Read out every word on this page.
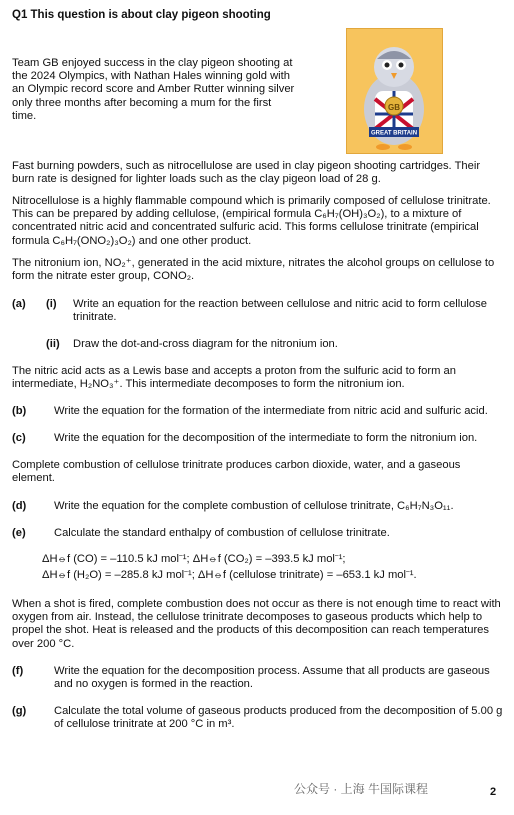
Q1 This question is about clay pigeon shooting
Team GB enjoyed success in the clay pigeon shooting at the 2024 Olympics, with Nathan Hales winning gold with an Olympic record score and Amber Rutter winning silver only three months after becoming a mum for the first time.
GB
GREAT BRITAIN
Fast burning powders, such as nitrocellulose are used in clay pigeon shooting cartridges. Their burn rate is designed for lighter loads such as the clay pigeon load of 28 g.
Nitrocellulose is a highly flammable compound which is primarily composed of cellulose trinitrate. This can be prepared by adding cellulose, (empirical formula C₆H₇(OH)₃O₂), to a mixture of concentrated nitric acid and concentrated sulfuric acid. This forms cellulose trinitrate (empirical formula C₆H₇(ONO₂)₃O₂) and one other product.
The nitronium ion, NO₂⁺, generated in the acid mixture, nitrates the alcohol groups on cellulose to form the nitrate ester group, CONO₂.
(a) (i) Write an equation for the reaction between cellulose and nitric acid to form cellulose trinitrate.
(ii) Draw the dot-and-cross diagram for the nitronium ion.
The nitric acid acts as a Lewis base and accepts a proton from the sulfuric acid to form an intermediate, H₂NO₃⁺. This intermediate decomposes to form the nitronium ion.
(b) Write the equation for the formation of the intermediate from nitric acid and sulfuric acid.
(c)	Write the equation for the decomposition of the intermediate to form the nitronium ion.
Complete combustion of cellulose trinitrate produces carbon dioxide, water, and a gaseous element.
(d) Write the equation for the complete combustion of cellulose trinitrate, C₆H₇N₃O₁₁.
(e)	Calculate the standard enthalpy of combustion of cellulose trinitrate.
ΔH⦵f (CO) = –110.5 kJ mol⁻¹; ΔH⦵f (CO₂) = –393.5 kJ mol⁻¹;
ΔH⦵f (H₂O) = –285.8 kJ mol⁻¹; ΔH⦵f (cellulose trinitrate) = –653.1 kJ mol⁻¹.
When a shot is fired, complete combustion does not occur as there is not enough time to react with oxygen from air. Instead, the cellulose trinitrate decomposes to gaseous products which help to propel the shot. Heat is released and the products of this decomposition can reach temperatures over 200 °C.
(f)	Write the equation for the decomposition process. Assume that all products are gaseous and no oxygen is formed in the reaction.
(g) Calculate the total volume of gaseous products produced from the decomposition of 5.00 g of cellulose trinitrate at 200 °C in m³.
公众号 · 上海 牛国际课程	2
